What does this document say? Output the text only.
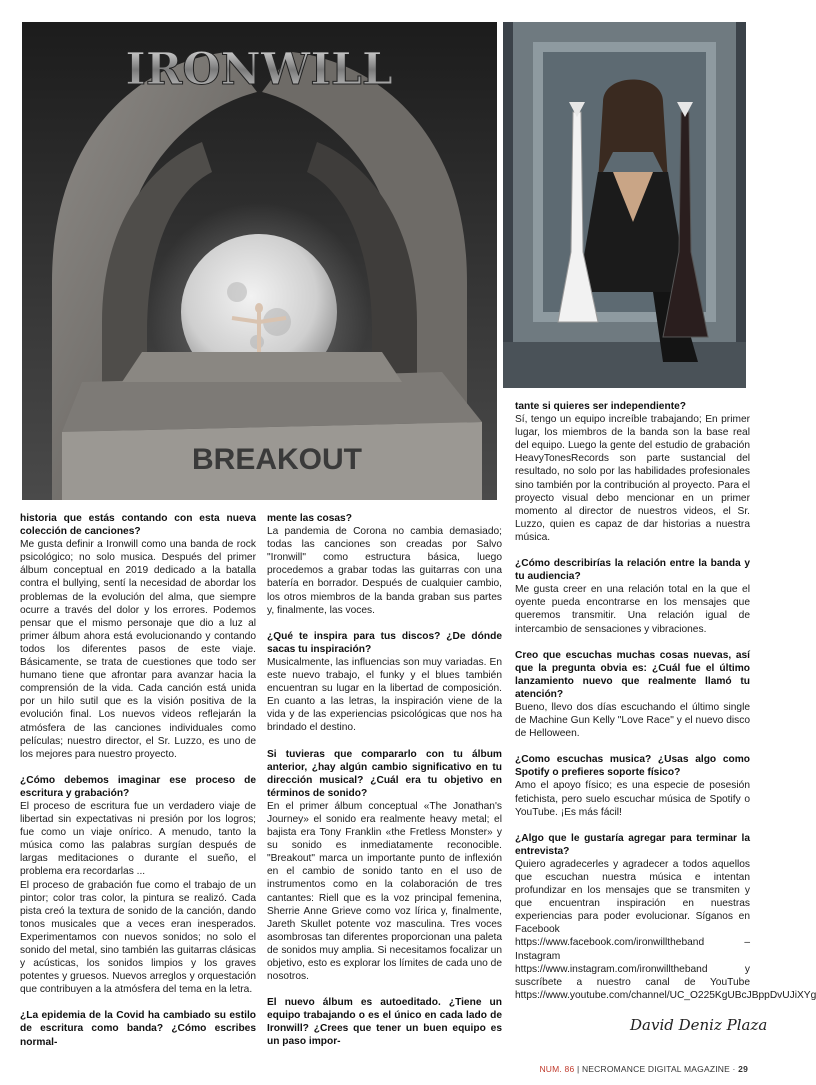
IRONWILL
BREAKOUT

historia que estás contando con esta nueva colección de canciones?

Me gusta definir a Ironwill como una banda de rock psicológico; no solo musica. Después del primer álbum conceptual en 2019 dedicado a la batalla contra el bullying, sentí la necesidad de abordar los problemas de la evolución del alma, que siempre ocurre a través del dolor y los errores. Podemos pensar que el mismo personaje que dio a luz al primer álbum ahora está evolucionando y contando todos los diferentes pasos de este viaje. Básicamente, se trata de cuestiones que todo ser humano tiene que afrontar para avanzar hacia la comprensión de la vida. Cada canción está unida por un hilo sutil que es la visión positiva de la evolución final. Los nuevos videos reflejarán la atmósfera de las canciones individuales como películas; nuestro director, el Sr. Luzzo, es uno de los mejores para nuestro proyecto.

¿Cómo debemos imaginar ese proceso de escritura y grabación?

El proceso de escritura fue un verdadero viaje de libertad sin expectativas ni presión por los logros; fue como un viaje onírico. A menudo, tanto la música como las palabras surgían después de largas meditaciones o durante el sueño, el problema era recordarlas ...

El proceso de grabación fue como el trabajo de un pintor; color tras color, la pintura se realizó. Cada pista creó la textura de sonido de la canción, dando tonos musicales que a veces eran inesperados. Experimentamos con nuevos sonidos; no solo el sonido del metal, sino también las guitarras clásicas y acústicas, los sonidos limpios y los graves potentes y gruesos. Nuevos arreglos y orquestación que contribuyen a la atmósfera del tema en la letra.

¿La epidemia de la Covid ha cambiado su estilo de escritura como banda? ¿Cómo escribes normal-

mente las cosas?

La pandemia de Corona no cambia demasiado; todas las canciones son creadas por Salvo "Ironwill" como estructura básica, luego procedemos a grabar todas las guitarras con una batería en borrador. Después de cualquier cambio, los otros miembros de la banda graban sus partes y, finalmente, las voces.

¿Qué te inspira para tus discos? ¿De dónde sacas tu inspiración?

Musicalmente, las influencias son muy variadas. En este nuevo trabajo, el funky y el blues también encuentran su lugar en la libertad de composición. En cuanto a las letras, la inspiración viene de la vida y de las experiencias psicológicas que nos ha brindado el destino.

Si tuvieras que compararlo con tu álbum anterior, ¿hay algún cambio significativo en tu dirección musical? ¿Cuál era tu objetivo en términos de sonido?

En el primer álbum conceptual «The Jonathan's Journey» el sonido era realmente heavy metal; el bajista era Tony Franklin «the Fretless Monster» y su sonido es inmediatamente reconocible. "Breakout" marca un importante punto de inflexión en el cambio de sonido tanto en el uso de instrumentos como en la colaboración de tres cantantes: Riell que es la voz principal femenina, Sherrie Anne Grieve como voz lírica y, finalmente, Jareth Skullet potente voz masculina. Tres voces asombrosas tan diferentes proporcionan una paleta de sonidos muy amplia. Si necesitamos focalizar un objetivo, esto es explorar los límites de cada uno de nosotros.

El nuevo álbum es autoeditado. ¿Tiene un equipo trabajando o es el único en cada lado de Ironwill? ¿Crees que tener un buen equipo es un paso impor-

tante si quieres ser independiente?

Sí, tengo un equipo increíble trabajando; En primer lugar, los miembros de la banda son la base real del equipo. Luego la gente del estudio de grabación HeavyTonesRecords son parte sustancial del resultado, no solo por las habilidades profesionales sino también por la contribución al proyecto. Para el proyecto visual debo mencionar en un primer momento al director de nuestros videos, el Sr. Luzzo, quien es capaz de dar historias a nuestra música.

¿Cómo describirías la relación entre la banda y tu audiencia?

Me gusta creer en una relación total en la que el oyente pueda encontrarse en los mensajes que queremos transmitir. Una relación igual de intercambio de sensaciones y vibraciones.

Creo que escuchas muchas cosas nuevas, así que la pregunta obvia es: ¿Cuál fue el último lanzamiento nuevo que realmente llamó tu atención?

Bueno, llevo dos días escuchando el último single de Machine Gun Kelly "Love Race" y el nuevo disco de Helloween.

¿Como escuchas musica? ¿Usas algo como Spotify o prefieres soporte físico?

Amo el apoyo físico; es una especie de posesión fetichista, pero suelo escuchar música de Spotify o YouTube. ¡Es más fácil!

¿Algo que le gustaría agregar para terminar la entrevista?

Quiero agradecerles y agradecer a todos aquellos que escuchan nuestra música e intentan profundizar en los mensajes que se transmiten y que encuentran inspiración en nuestras experiencias para poder evolucionar. Síganos en Facebook https://www.facebook.com/ironwilltheband – Instagram https://www.instagram.com/ironwilltheband y suscríbete a nuestro canal de YouTube https://www.youtube.com/channel/UC_O225KgUBcJBppDvUJiXYg

David Deniz Plaza
NUM. 86 | NECROMANCE DIGITAL MAGAZINE · 29
